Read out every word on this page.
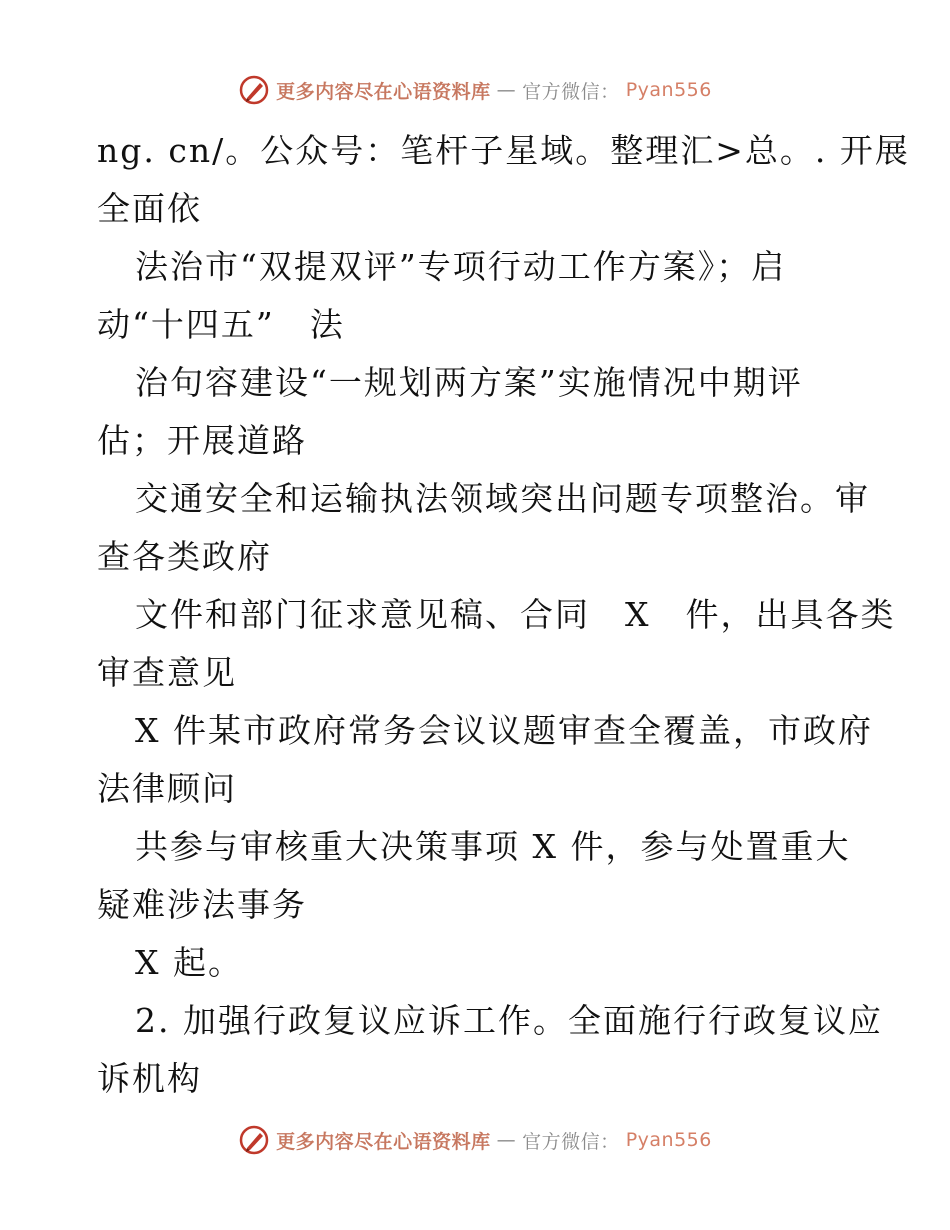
更多内容尽在心语资料库 — 官方微信： Pyan556
ng. cn/。公众号：笔杆子星域。整理汇>总。. 开展
全面依
法治市“双提双评”专项行动工作方案》；启
动“十四五”　法
治句容建设“一规划两方案”实施情况中期评
估；开展道路
交通安全和运输执法领域突出问题专项整治。审
查各类政府
文件和部门征求意见稿、合同　X　件，出具各类
审查意见
X 件某市政府常务会议议题审查全覆盖，市政府
法律顾问
共参与审核重大决策事项 X 件，参与处置重大
疑难涉法事务
X 起。
2. 加强行政复议应诉工作。全面施行行政复议应
诉机构
更多内容尽在心语资料库 — 官方微信： Pyan556
